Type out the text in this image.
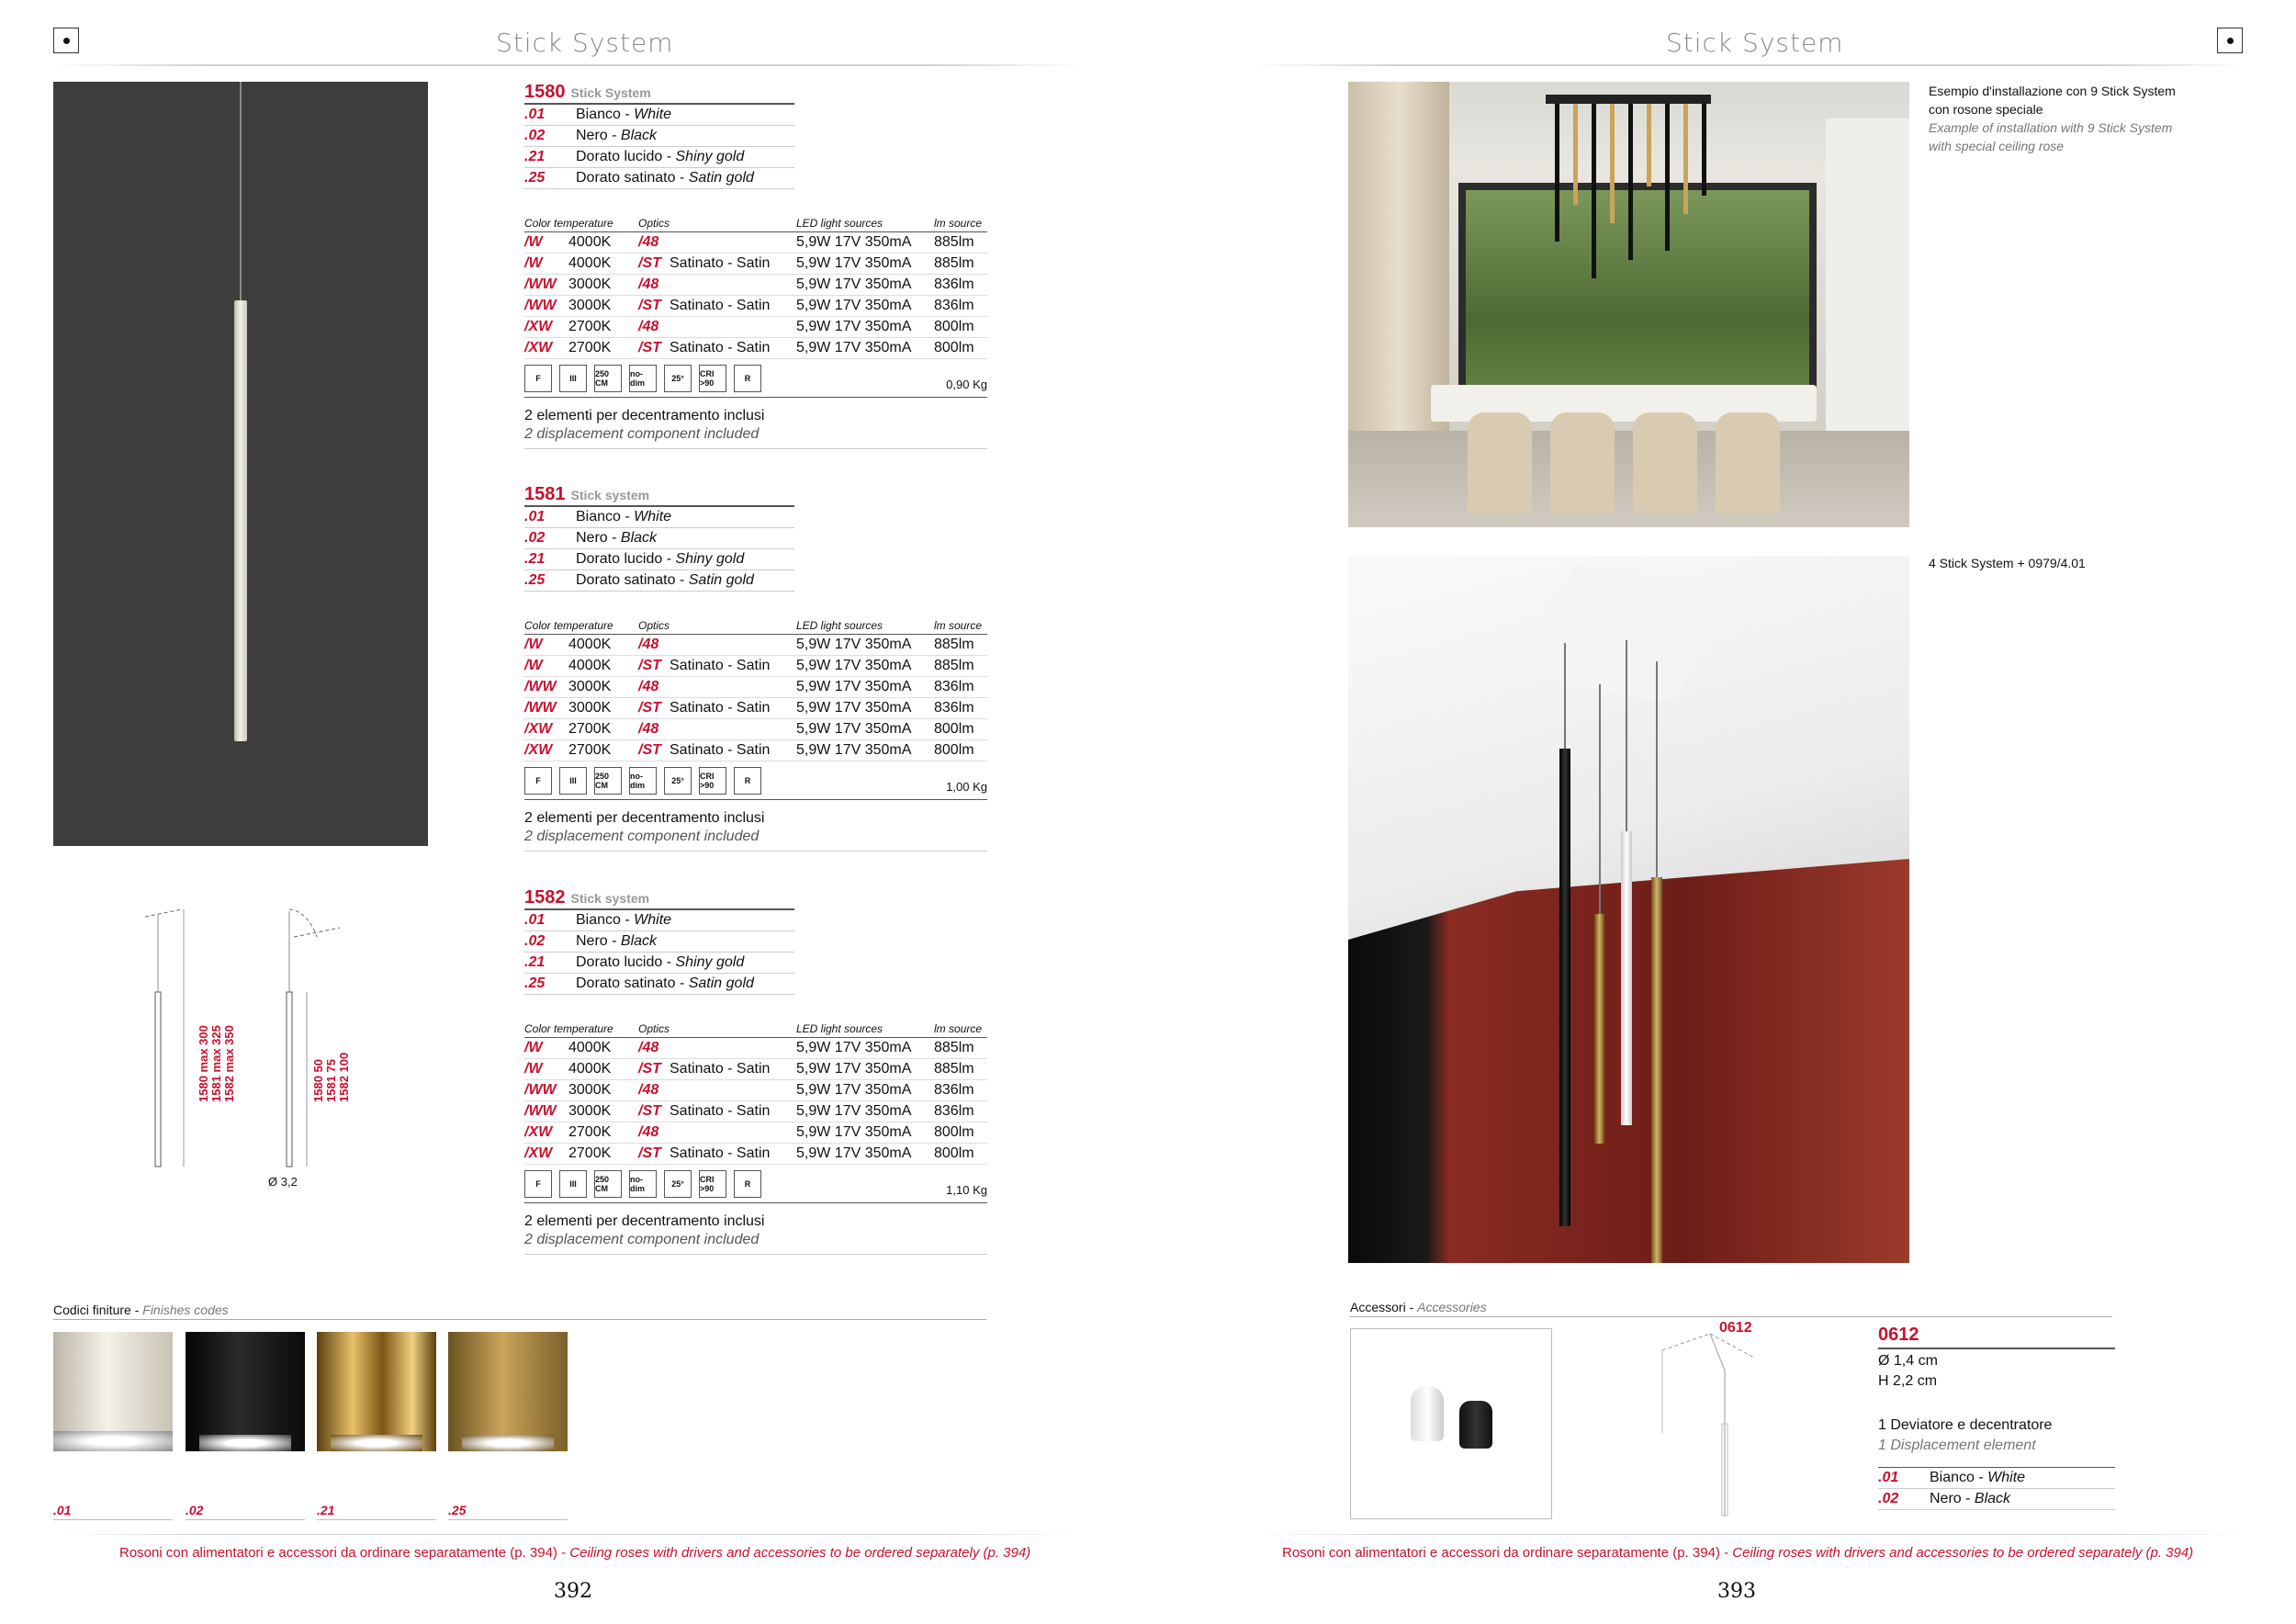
Stick System	Stick System
1580 max 300 1581 max 325 1582 max 350	1580 50 1581 75 1582 100
Ø 3,2
1580 Stick System
.01	Bianco - White
.02	Nero - Black
.21	Dorato lucido - Shiny gold
.25	Dorato satinato - Satin gold
Color temperature	Optics	LED light sources	lm source
/W	4000K	/48	5,9W 17V 350mA	885lm
/W	4000K	/ST Satinato - Satin	5,9W 17V 350mA	885lm
/WW 3000K	/48	5,9W 17V 350mA	836lm
/WW 3000K	/ST Satinato - Satin	5,9W 17V 350mA	836lm
/XW	2700K	/48	5,9W 17V 350mA	800lm
/XW	2700K	/ST Satinato - Satin	5,9W 17V 350mA	800lm
F	III	250 CM
no-dim	25°	CRI >90	R	0,90 Kg
2 elementi per decentramento inclusi
2 displacement component included
1581 Stick system
.01	Bianco - White
.02	Nero - Black
.21	Dorato lucido - Shiny gold
.25	Dorato satinato - Satin gold
Color temperature	Optics	LED light sources	lm source
/W	4000K	/48	5,9W 17V 350mA	885lm
/W	4000K	/ST Satinato - Satin	5,9W 17V 350mA	885lm
/WW 3000K	/48	5,9W 17V 350mA	836lm
/WW 3000K	/ST Satinato - Satin	5,9W 17V 350mA	836lm
/XW	2700K	/48	5,9W 17V 350mA	800lm
/XW	2700K	/ST Satinato - Satin	5,9W 17V 350mA	800lm
F	III	250 CM
no-dim	25°	CRI >90	R	1,00 Kg
2 elementi per decentramento inclusi
2 displacement component included
1582 Stick system
.01	Bianco - White
.02	Nero - Black
.21	Dorato lucido - Shiny gold
.25	Dorato satinato - Satin gold
Color temperature	Optics	LED light sources	lm source
/W	4000K	/48	5,9W 17V 350mA	885lm
/W	4000K	/ST Satinato - Satin	5,9W 17V 350mA	885lm
/WW 3000K	/48	5,9W 17V 350mA	836lm
/WW 3000K	/ST Satinato - Satin	5,9W 17V 350mA	836lm
/XW	2700K	/48	5,9W 17V 350mA	800lm
/XW	2700K	/ST Satinato - Satin	5,9W 17V 350mA	800lm
F	III	250 CM
no-dim	25°	CRI >90	R	1,10 Kg
2 elementi per decentramento inclusi
2 displacement component included
Codici finiture - Finishes codes
.01	.02	.21	.25
Esempio d'installazione con 9 Stick System
con rosone speciale
Example of installation with 9 Stick System
with special ceiling rose
4 Stick System + 0979/4.01
Accessori - Accessories
0612	0612
Ø 1,4 cm
H 2,2 cm
1 Deviatore e decentratore
1 Displacement element
.01	Bianco - White
.02	Nero - Black
Rosoni con alimentatori e accessori da ordinare separatamente (p. 394) - Ceiling roses with drivers and accessories to be ordered separately (p. 394)	Rosoni con alimentatori e accessori da ordinare separatamente (p. 394) - Ceiling roses with drivers and accessories to be ordered separately (p. 394)
392	393
